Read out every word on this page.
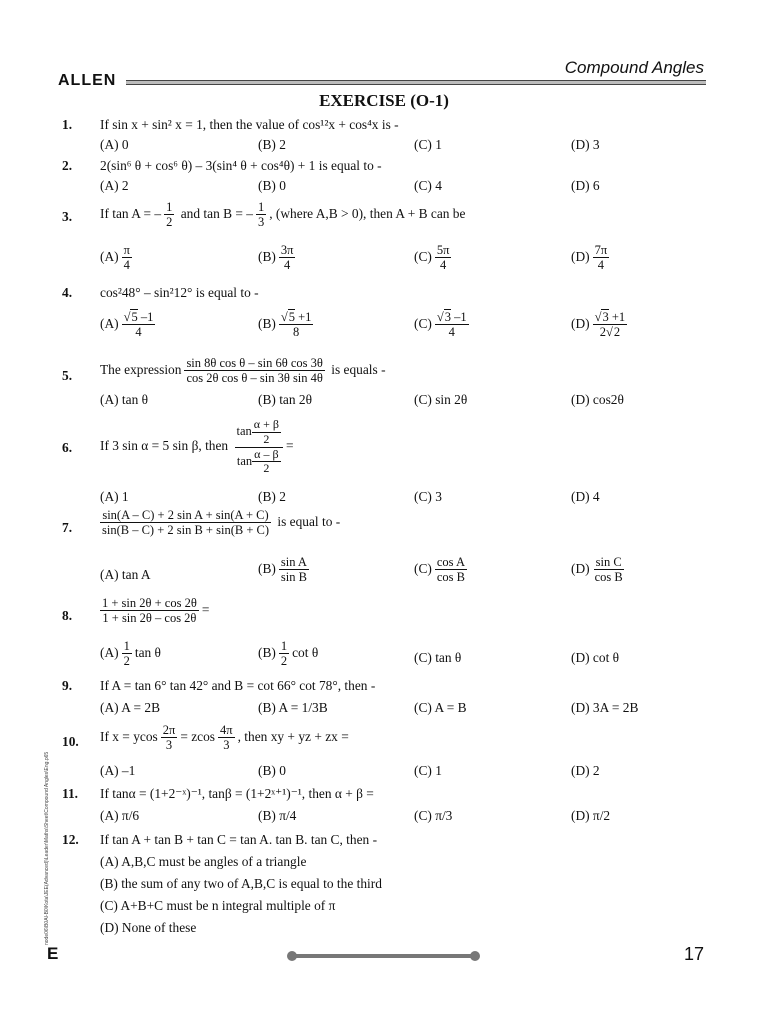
Compound Angles
ALLEN
EXERCISE (O-1)
1. If sin x + sin² x = 1, then the value of cos¹²x + cos⁴x is -
(A) 0	(B) 2	(C) 1	(D) 3
2. 2(sin⁶ θ + cos⁶ θ) – 3(sin⁴ θ + cos⁴θ) + 1 is equal to -
(A) 2	(B) 0	(C) 4	(D) 6
3. If tan A = – $\frac{1}{2}$ and tan B = – $\frac{1}{3}$ , (where A,B > 0), then A + B can be
$(A) \frac{\pi}{4}$	$(B) \frac{3\pi}{4}$	$(C) \frac{5\pi}{4}$	$(D) \frac{7\pi}{4}$
4. cos²48° – sin²12° is equal to -
$(A) \frac{√5 -1}{4}$	$(B) \frac{√5 +1}{8}$	$(C) \frac{√3 -1}{4}$	$(D) \frac{√3 +1}{2√2}$
5. The expression $\frac{\text{sin 8θ cos θ – sin 6θ cos 3θ}}{\text{cos 2θ cos θ – sin 3θ sin 4θ}}$ is equals -
(A) tan θ	(B) tan 2θ	(C) sin 2θ	(D) cos2θ
6. If 3 sin α = 5 sin β, then $\frac{\tan \frac{\alpha + \beta}{2}}{\tan \frac{\alpha - \beta}{2}}$ =
(A) 1	(B) 2	(C) 3	(D) 4
7. $\frac{\text{sin(A – C) + 2 sin A + sin(A + C)}}{\text{sin(B – C) + 2 sin B + sin(B + C)}}$ is equal to -
(A) tan A	$(B) \frac{\text{sin A}}{\text{sin B}}$	$(C) \frac{\text{cos A}}{\text{cos B}}$	$(D) \frac{\text{sin C}}{\text{cos B}}$
8. $\frac{1 + \sin 2\theta + \cos 2\theta}{1 + \sin 2\theta - \cos 2\theta}$ =
$(A) \frac{1}{2}$ tan θ	$(B) \frac{1}{2}$ cot θ	(C) tan θ	(D) cot θ
9. If A = tan 6° tan 42° and B = cot 66° cot 78°, then -
(A) A = 2B	(B) A = 1/3B	(C) A = B	(D) 3A = 2B
10. If x = ycos $\frac{2\pi}{3} = zcos \frac{4\pi}{3}$ , then xy + yz + zx =
(A) –1	(B) 0	(C) 1	(D) 2
11. If tanα = (1+2⁻ˣ)⁻¹, tanβ = (1+2ˣ⁺¹)⁻¹, then α + β =
(A) π/6	(B) π/4	(C) π/3	(D) π/2
12. If tan A + tan B + tan C = tan A. tan B. tan C, then -
(A) A,B,C must be angles of a triangle
(B) the sum of any two of A,B,C is equal to the third
(C) A+B+C must be n integral multiple of π
(D) None of these
node06\B0AI-B0\Kota\JEE(Advanced)\Leader\Maths\Sheet\Compound Angles\Eng.p65
E	17
